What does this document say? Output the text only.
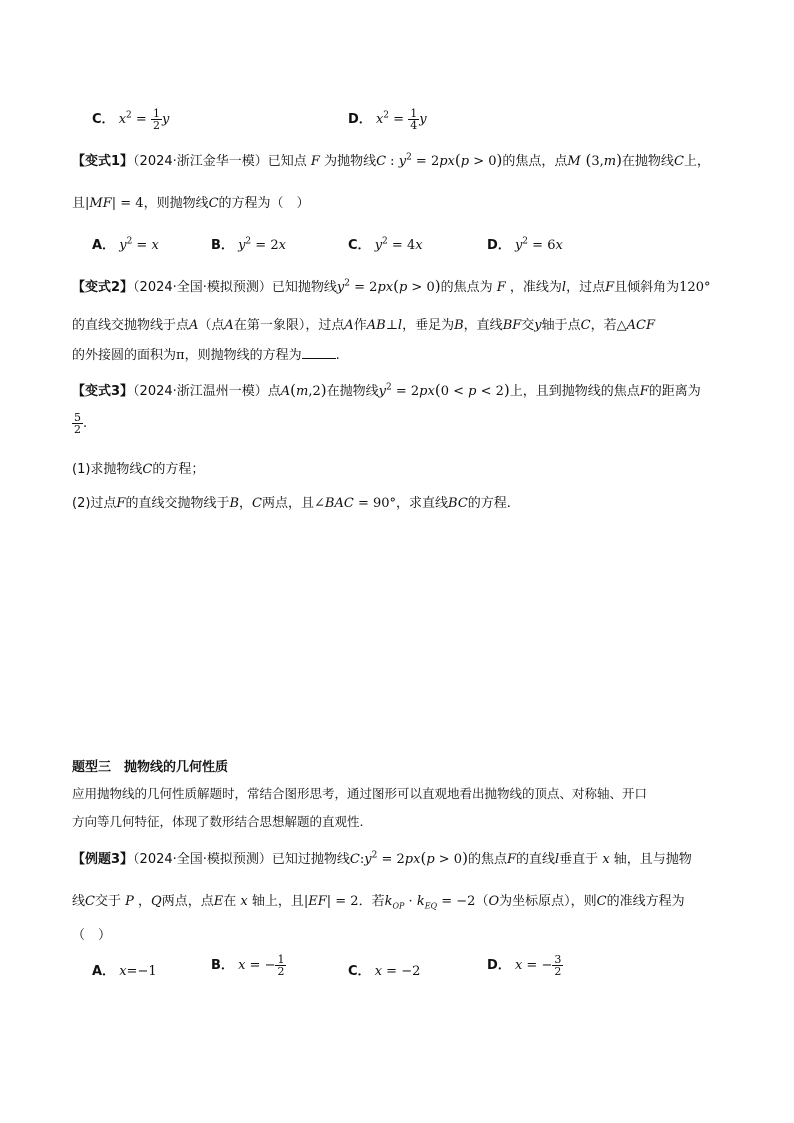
C． $x^2 = \frac{1}{2}$ y	D． $x^2 = \frac{1}{4}$ y
【变式1】（2024·浙江金华一模）已知点 F 为抛物线C : $y^2 = 2px(p > 0)$的焦点，点M (3,m)在抛物线C上，
且|MF| = 4，则抛物线C的方程为（　）
A． $y^2 = x$	B． $y^2 = 2x$	C． $y^2 = 4x$	D． $y^2 = 6x$
【变式2】（2024·全国·模拟预测）已知抛物线$y^2 = 2px(p > 0)$的焦点为 F ，准线为l，过点F且倾斜角为120°
的直线交抛物线于点A（点A在第一象限），过点A作AB⊥l，垂足为B，直线BF交y轴于点C，若△ACF
的外接圆的面积为π，则抛物线的方程为	.
【变式3】（2024·浙江温州一模）点A(m,2)在抛物线$y^2 = 2px(0 < p < 2)$上，且到抛物线的焦点F的距离为
$\frac{5}{2}$ .
(1)求抛物线C的方程；
(2)过点F的直线交抛物线于B，C两点，且∠BAC = 90°，求直线BC的方程.
题型三　抛物线的几何性质
应用抛物线的几何性质解题时，常结合图形思考，通过图形可以直观地看出抛物线的顶点、对称轴、开口
方向等几何特征，体现了数形结合思想解题的直观性.
【例题3】（2024·全国·模拟预测）已知过抛物线$C:y^2 = 2px(p > 0)$的焦点F的直线l垂直于 x 轴，且与抛物
线C交于 P ，Q两点，点E在 x 轴上，且|EF| = 2．若$k_{OP} \cdot k_{EQ} = -2(O$为坐标原点），则C的准线方程为
（　）
A． x=−1	B． x = − $\frac{1}{2}$	C． x = −2	D． x = − $\frac{3}{2}$
